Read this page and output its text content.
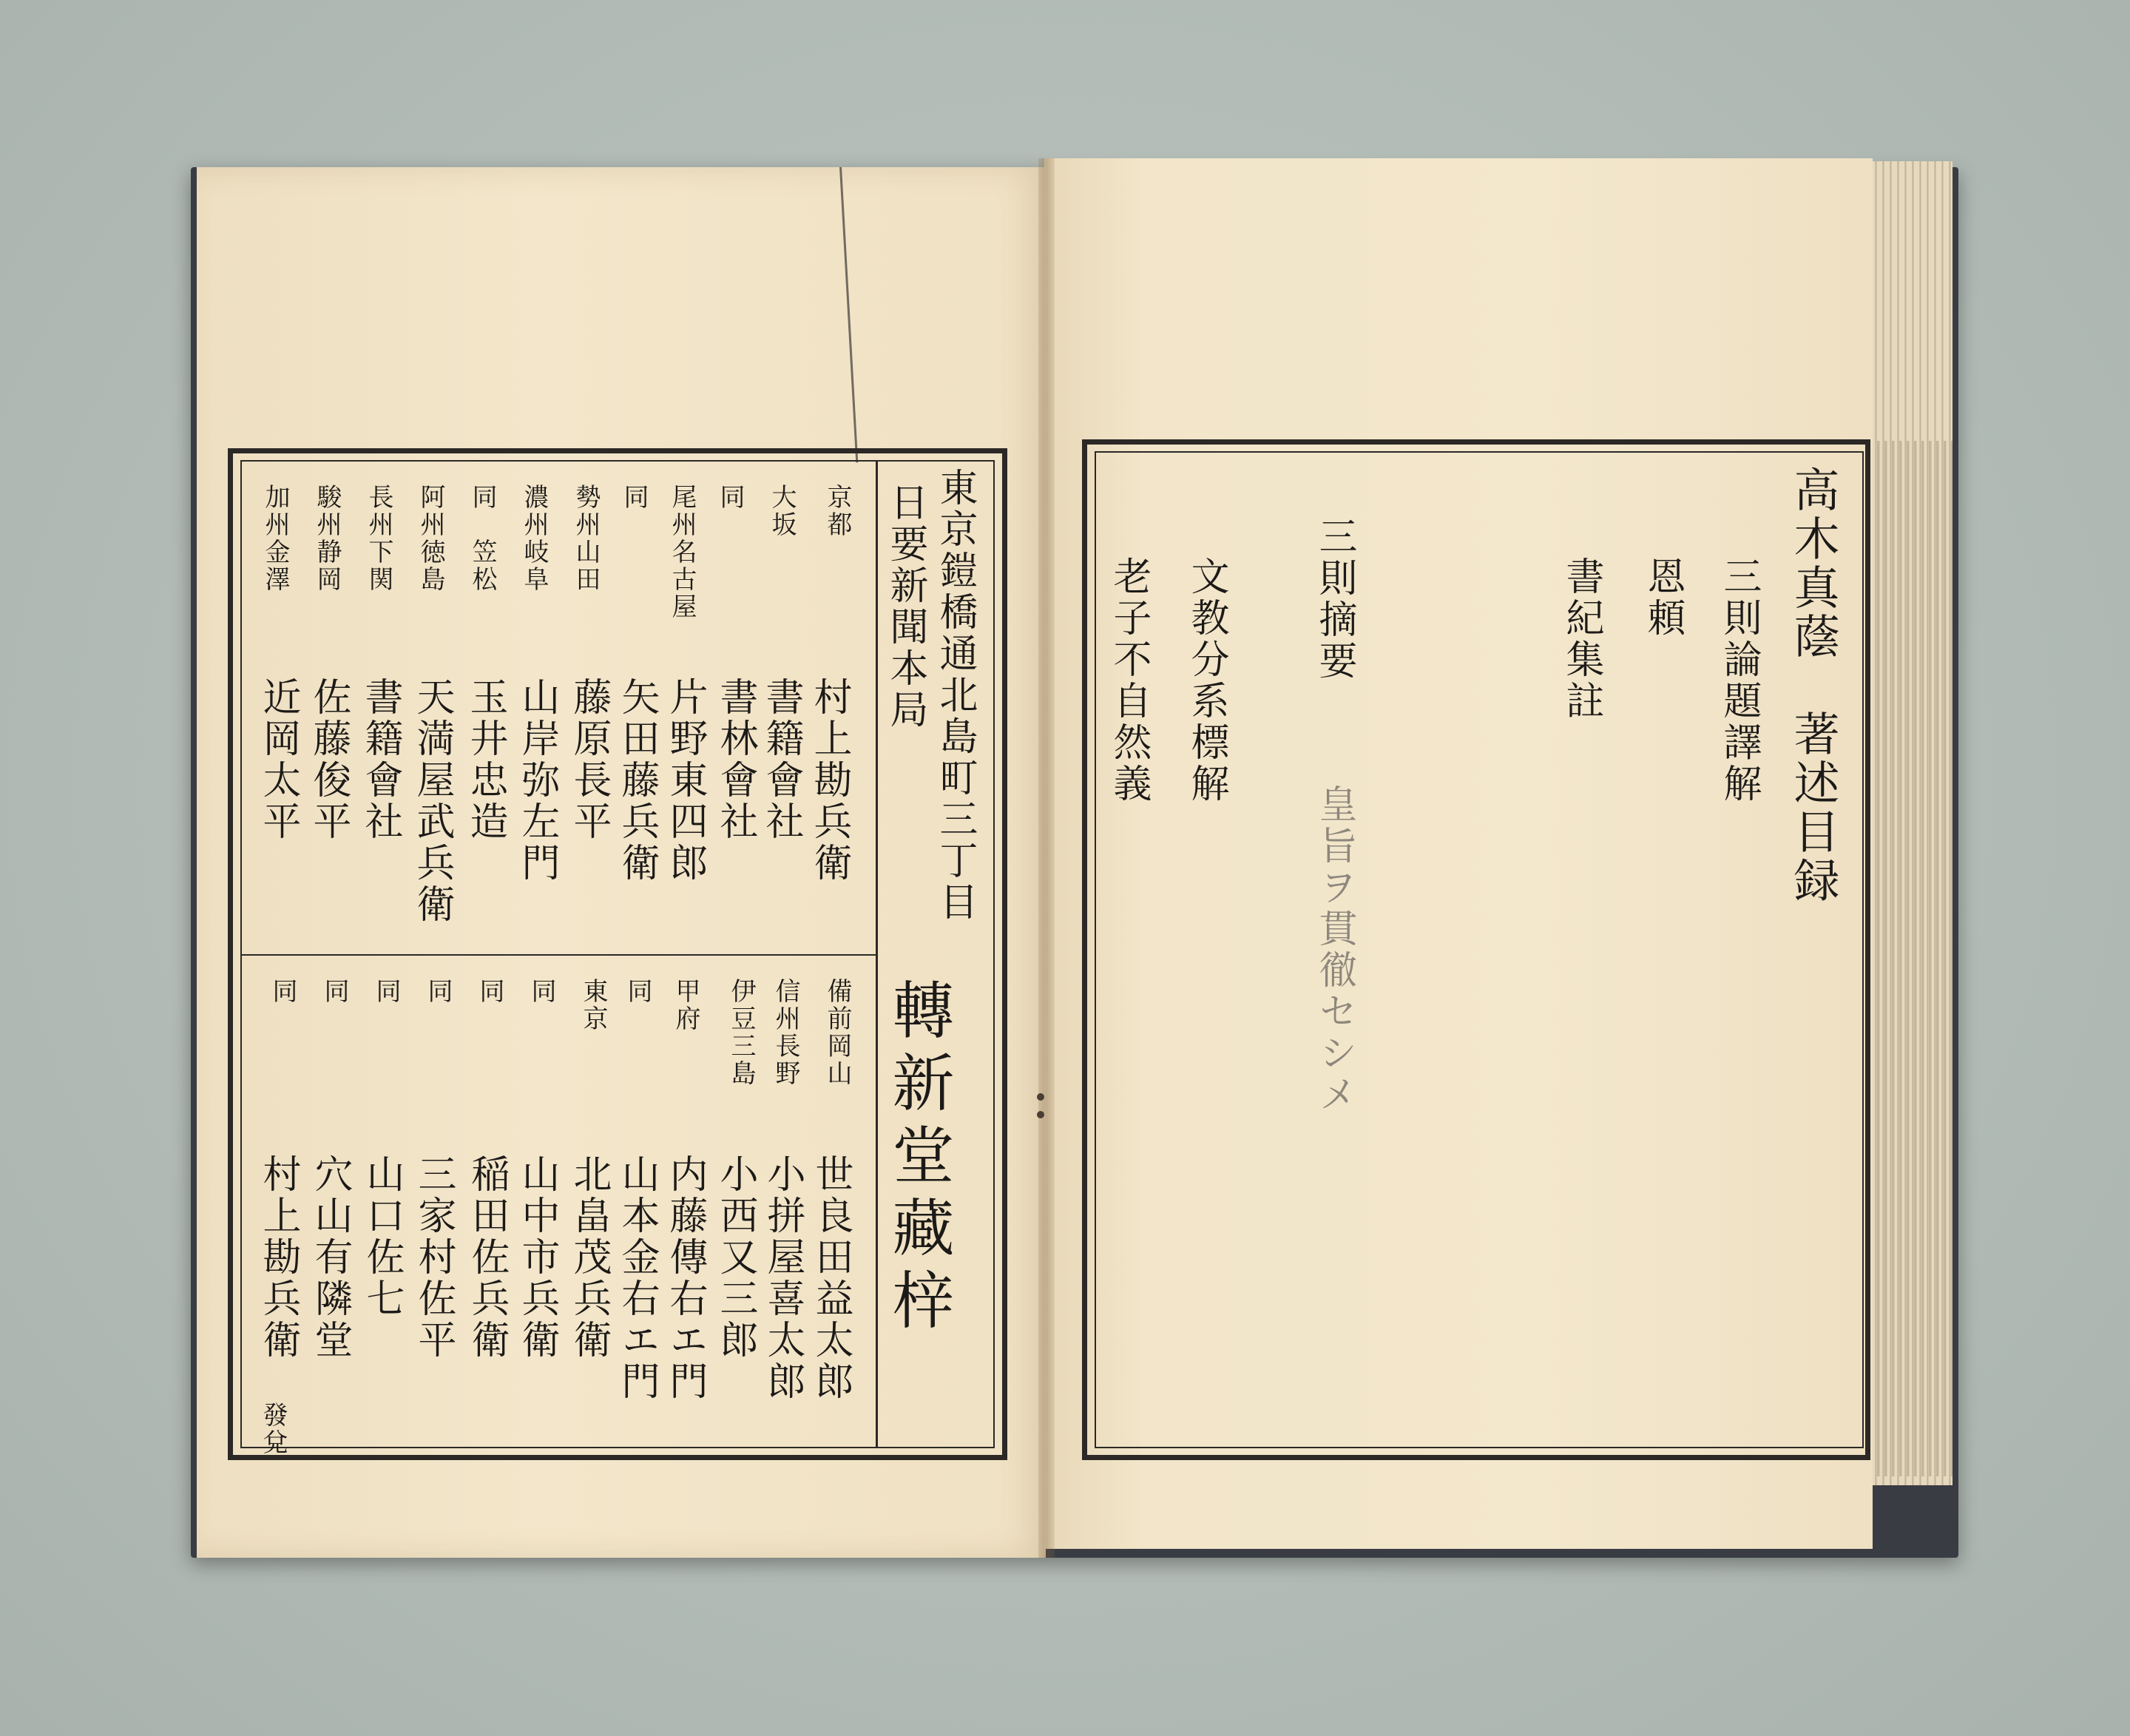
高木真蔭　著述目録
三則論題譯解
恩頼
書紀集註
三則摘要
皇旨ヲ貫徹セシメ
文教分系標解
老子不自然義
東京鎧橋通北島町三丁目
日要新聞本局
轉新堂藏梓
京都
村上勘兵衛
大坂
書籍會社
同
書林會社
尾州名古屋
片野東四郎
同
矢田藤兵衛
勢州山田
藤原長平
濃州岐阜
山岸弥左門
同　笠松
玉井忠造
阿州徳島
天満屋武兵衛
長州下関
書籍會社
駿州静岡
佐藤俊平
加州金澤
近岡太平
備前岡山
世良田益太郎
信州長野
小拼屋喜太郎
伊豆三島
小西又三郎
甲府
内藤傳右エ門
同
山本金右エ門
東京
北畠茂兵衛
同
山中市兵衛
同
稲田佐兵衛
同
三家村佐平
同
山口佐七
同
穴山有隣堂
同
村上勘兵衛
發兌
